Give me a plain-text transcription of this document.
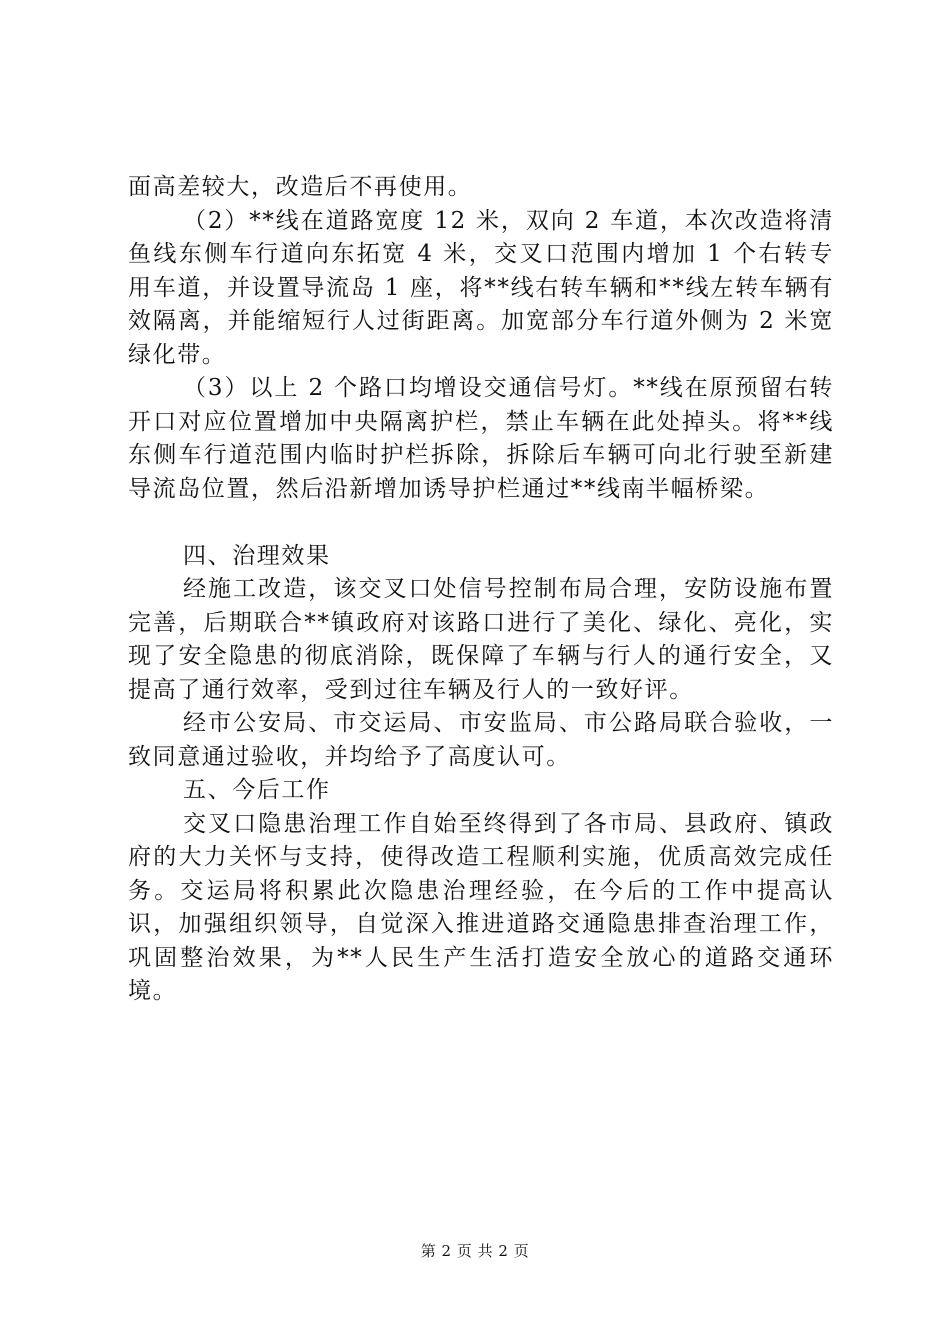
面高差较大，改造后不再使用。

（2）**线在道路宽度 12 米，双向 2 车道，本次改造将清鱼线东侧车行道向东拓宽 4 米，交叉口范围内增加 1 个右转专用车道，并设置导流岛 1 座，将**线右转车辆和**线左转车辆有效隔离，并能缩短行人过街距离。加宽部分车行道外侧为 2 米宽绿化带。

（3）以上 2 个路口均增设交通信号灯。**线在原预留右转开口对应位置增加中央隔离护栏，禁止车辆在此处掉头。将**线东侧车行道范围内临时护栏拆除，拆除后车辆可向北行驶至新建导流岛位置，然后沿新增加诱导护栏通过**线南半幅桥梁。

四、治理效果

经施工改造，该交叉口处信号控制布局合理，安防设施布置完善，后期联合**镇政府对该路口进行了美化、绿化、亮化，实现了安全隐患的彻底消除，既保障了车辆与行人的通行安全，又提高了通行效率，受到过往车辆及行人的一致好评。

经市公安局、市交运局、市安监局、市公路局联合验收，一致同意通过验收，并均给予了高度认可。

五、今后工作

交叉口隐患治理工作自始至终得到了各市局、县政府、镇政府的大力关怀与支持，使得改造工程顺利实施，优质高效完成任务。交运局将积累此次隐患治理经验，在今后的工作中提高认识，加强组织领导，自觉深入推进道路交通隐患排查治理工作，巩固整治效果，为**人民生产生活打造安全放心的道路交通环境。

第 2 页 共 2 页
